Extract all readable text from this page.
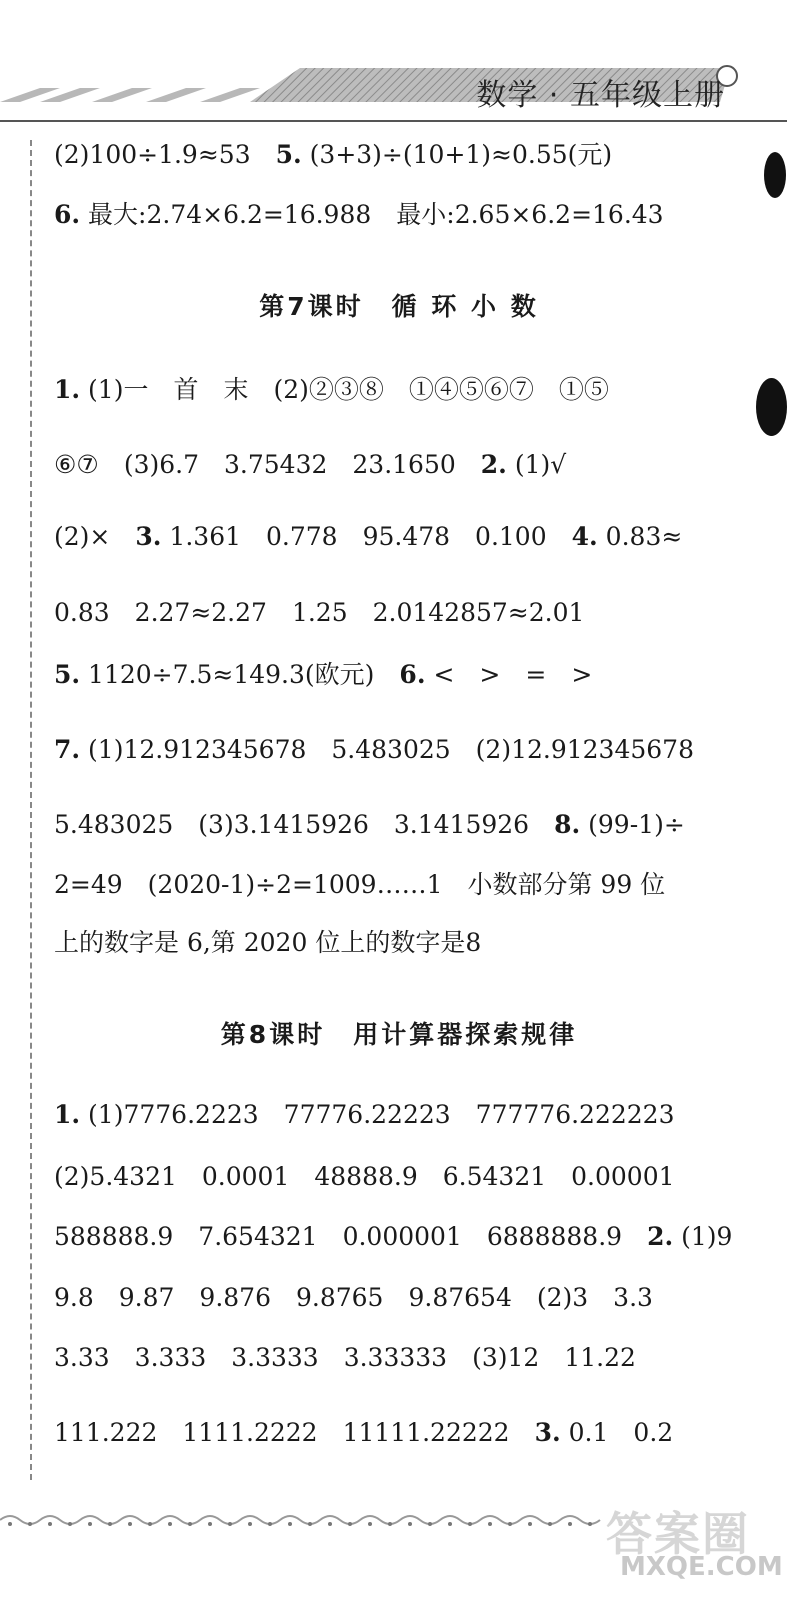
数学 · 五年级上册
(2)100÷1.9≈53　5. (3+3)÷(10+1)≈0.55(元)
6. 最大:2.74×6.2=16.988　最小:2.65×6.2=16.43
第7课时　循 环 小 数
1. (1)一　首　末　(2)②③⑧　①④⑤⑥⑦　①⑤
⑥⑦　(3)6.7　3.75432　23.1650　2. (1)√
(2)×　3. 1.361　0.778　95.478　0.100　4. 0.83≈
0.83　2.27≈2.27　1.25　2.0142857≈2.01
5. 1120÷7.5≈149.3(欧元)　6. <　>　=　>
7. (1)12.912345678　5.483025　(2)12.912345678
5.483025　(3)3.1415926　3.1415926　8. (99-1)÷
2=49　(2020-1)÷2=1009……1　小数部分第 99 位
上的数字是 6,第 2020 位上的数字是8
第8课时　用计算器探索规律
1. (1)7776.2223　77776.22223　777776.222223
(2)5.4321　0.0001　48888.9　6.54321　0.00001
588888.9　7.654321　0.000001　6888888.9　2. (1)9
9.8　9.87　9.876　9.8765　9.87654　(2)3　3.3
3.33　3.333　3.3333　3.33333　(3)12　11.22
111.222　1111.2222　11111.22222　3. 0.1　0.2
答案圈
MXQE.COM
